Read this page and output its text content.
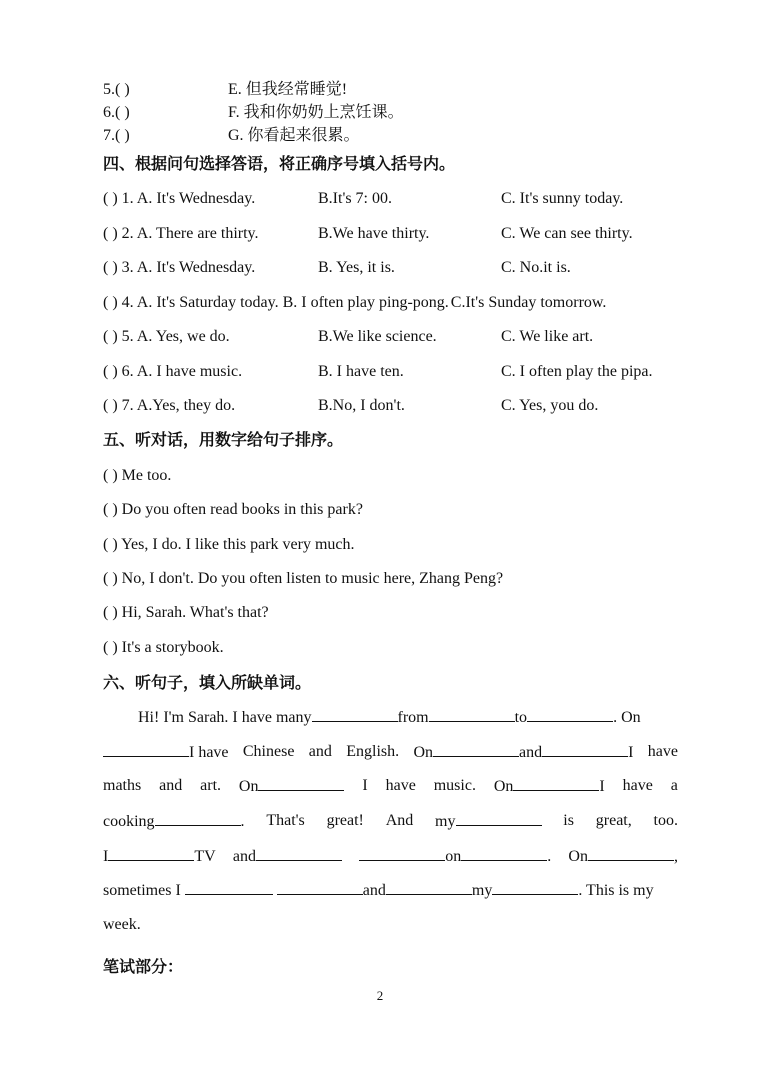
5.( )	E. 但我经常睡觉!
6.( )	F. 我和你奶奶上烹饪课。
7.( )	G. 你看起来很累。
四、根据问句选择答语，将正确序号填入括号内。
( ) 1. A. It's Wednesday.	B.It's 7: 00.	C. It's sunny today.
( ) 2. A. There are thirty.	B.We have thirty.	C. We can see thirty.
( ) 3. A. It's Wednesday.	B. Yes, it is.	C. No.it is.
( ) 4. A. It's Saturday today. B. I often play ping-pong. C.It's Sunday tomorrow.
( ) 5. A. Yes, we do.	B.We like science.	C. We like art.
( ) 6. A. I have music.	B. I have ten.	C. I often play the pipa.
( ) 7. A.Yes, they do.	B.No, I don't.	C. Yes, you do.
五、听对话，用数字给句子排序。
( ) Me too.
( ) Do you often read books in this park?
( ) Yes, I do. I like this park very much.
( ) No, I don't. Do you often listen to music here, Zhang Peng?
( ) Hi, Sarah. What's that?
( ) It's a storybook.
六、听句子，填入所缺单词。
Hi! I'm Sarah. I have many	from	to	. On
I have Chinese and English. On	and	I have
maths and art. On	I have music. On	I have a
cooking	. That's great! And my	is great, too.
I	TV and	on	. On	,
sometimes I	and	my	. This is my
week.
笔试部分：
2
